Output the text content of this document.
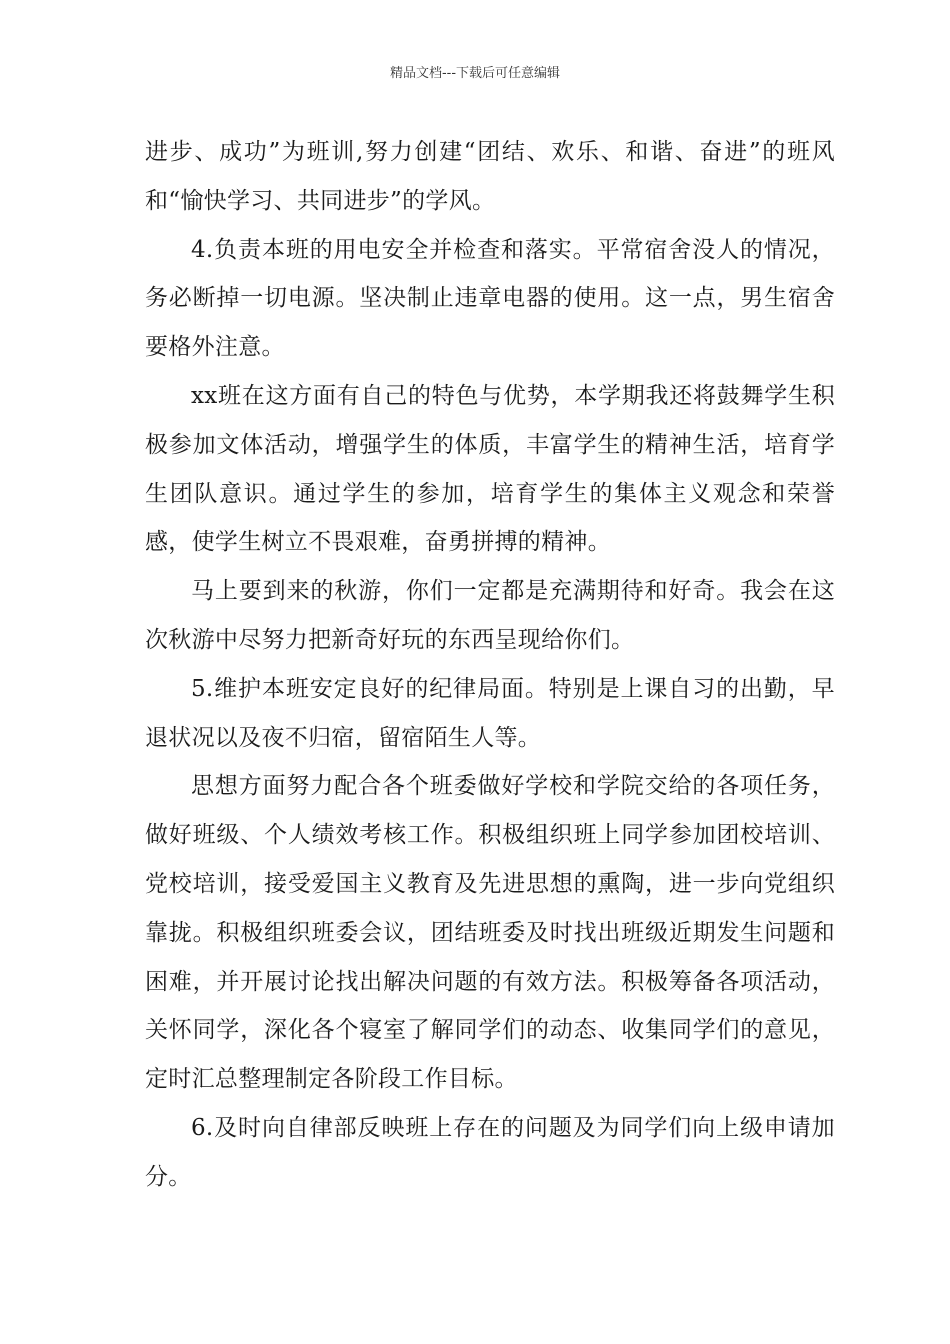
精品文档---下载后可任意编辑

进步、成功”为班训,努力创建“团结、欢乐、和谐、奋进”的班风和“愉快学习、共同进步”的学风。

4.负责本班的用电安全并检查和落实。平常宿舍没人的情况，务必断掉一切电源。坚决制止违章电器的使用。这一点，男生宿舍要格外注意。

xx班在这方面有自己的特色与优势，本学期我还将鼓舞学生积极参加文体活动，增强学生的体质，丰富学生的精神生活，培育学生团队意识。通过学生的参加，培育学生的集体主义观念和荣誉感，使学生树立不畏艰难，奋勇拼搏的精神。

马上要到来的秋游，你们一定都是充满期待和好奇。我会在这次秋游中尽努力把新奇好玩的东西呈现给你们。

5.维护本班安定良好的纪律局面。特别是上课自习的出勤，早退状况以及夜不归宿，留宿陌生人等。

思想方面努力配合各个班委做好学校和学院交给的各项任务，做好班级、个人绩效考核工作。积极组织班上同学参加团校培训、党校培训，接受爱国主义教育及先进思想的熏陶，进一步向党组织靠拢。积极组织班委会议，团结班委及时找出班级近期发生问题和困难，并开展讨论找出解决问题的有效方法。积极筹备各项活动，关怀同学，深化各个寝室了解同学们的动态、收集同学们的意见，定时汇总整理制定各阶段工作目标。

6.及时向自律部反映班上存在的问题及为同学们向上级申请加分。
